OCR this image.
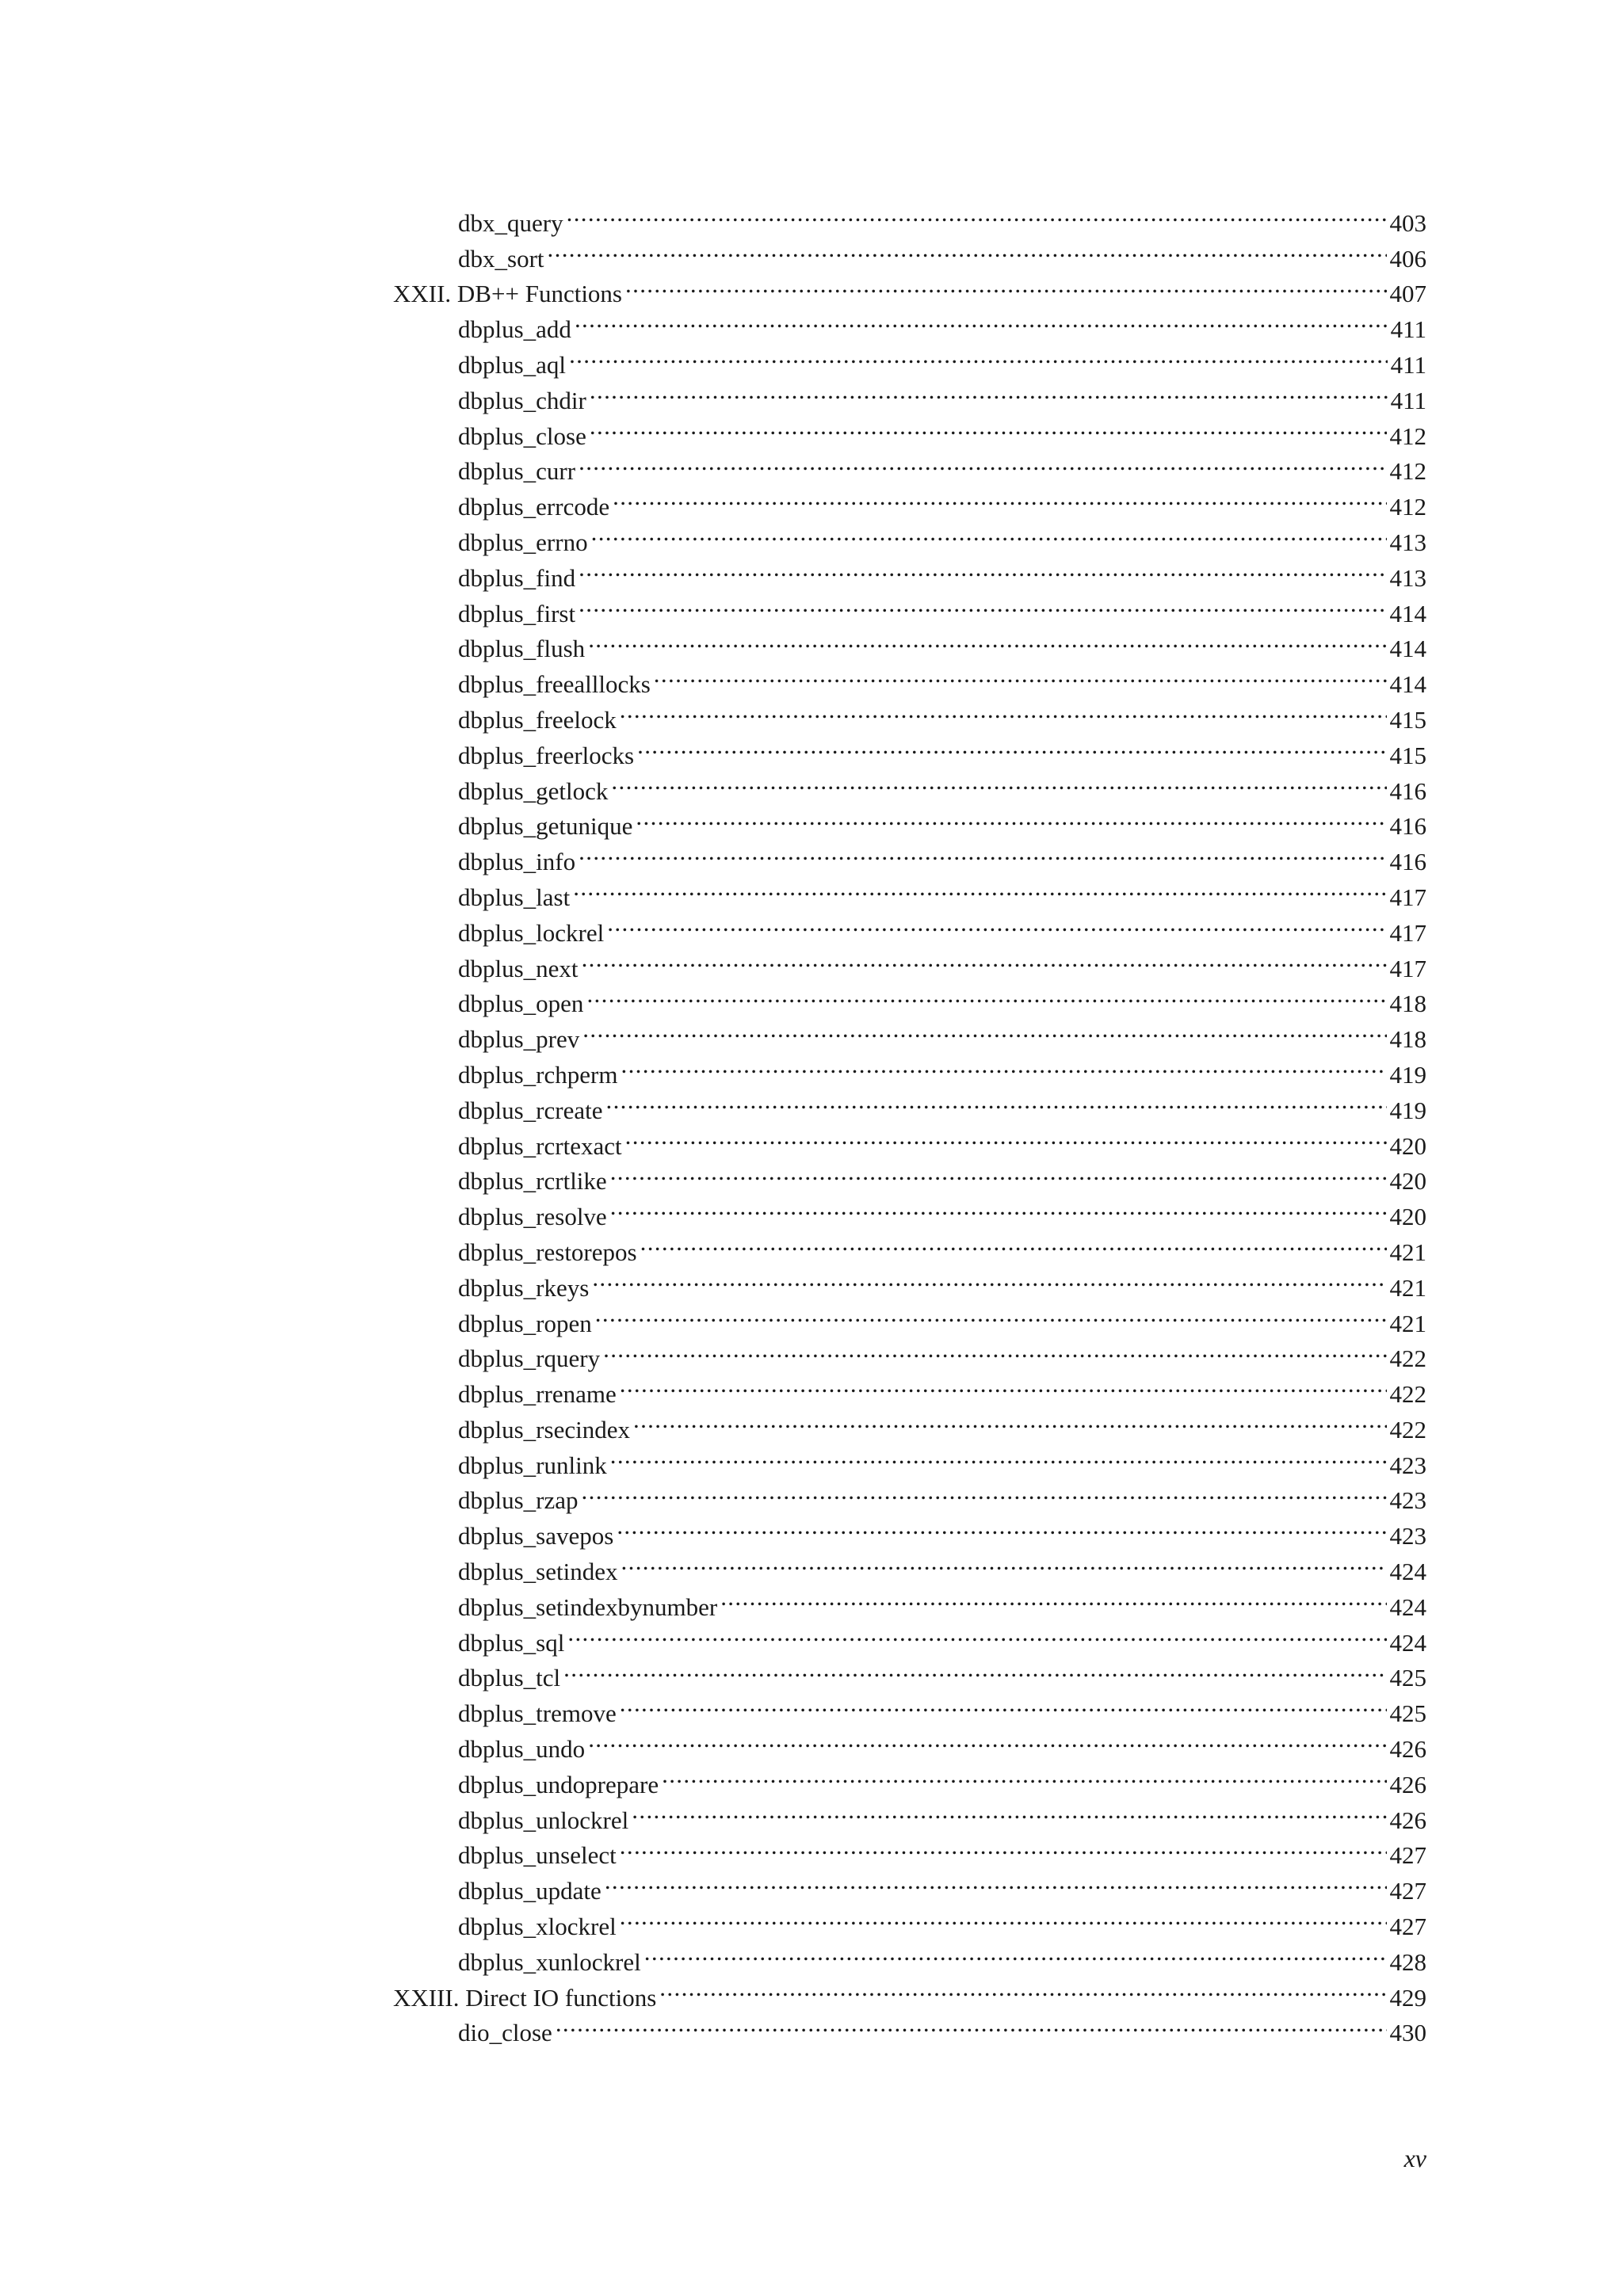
dbx_query . . .	403
dbx_sort . . .	406
XXII. DB++ Functions . . .	407
dbplus_add . . .	411
dbplus_aql . . .	411
dbplus_chdir . . .	411
dbplus_close . . .	412
dbplus_curr . . .	412
dbplus_errcode . . .	412
dbplus_errno . . .	413
dbplus_find . . .	413
dbplus_first . . .	414
dbplus_flush . . .	414
dbplus_freealllocks . . .	414
dbplus_freelock . . .	415
dbplus_freerlocks . . .	415
dbplus_getlock . . .	416
dbplus_getunique . . .	416
dbplus_info . . .	416
dbplus_last . . .	417
dbplus_lockrel . . .	417
dbplus_next . . .	417
dbplus_open . . .	418
dbplus_prev . . .	418
dbplus_rchperm . . .	419
dbplus_rcreate . . .	419
dbplus_rcrtexact . . .	420
dbplus_rcrtlike . . .	420
dbplus_resolve . . .	420
dbplus_restorepos . . .	421
dbplus_rkeys . . .	421
dbplus_ropen . . .	421
dbplus_rquery . . .	422
dbplus_rrename . . .	422
dbplus_rsecindex . . .	422
dbplus_runlink . . .	423
dbplus_rzap . . .	423
dbplus_savepos . . .	423
dbplus_setindex . . .	424
dbplus_setindexbynumber . . .	424
dbplus_sql . . .	424
dbplus_tcl . . .	425
dbplus_tremove . . .	425
dbplus_undo . . .	426
dbplus_undoprepare . . .	426
dbplus_unlockrel . . .	426
dbplus_unselect . . .	427
dbplus_update . . .	427
dbplus_xlockrel . . .	427
dbplus_xunlockrel . . .	428
XXIII. Direct IO functions . . .	429
dio_close . . .	430
xv
